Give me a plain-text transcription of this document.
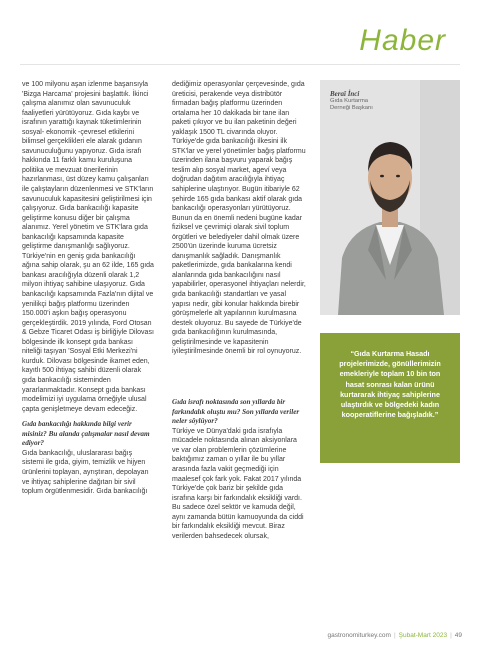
Haber

ve 100 milyonu aşan izlenme başarısıyla 'Bizga Harcama' projesini başlattık. İkinci çalışma alanımız olan savunuculuk faaliyetleri yürütüyoruz. Gıda kaybı ve israfının yarattığı kaynak tüketimlerinin sosyal- ekonomik -çevresel etkilerini bilimsel gerçeklikleri ele alarak gıdanın savunuculuğunu yapıyoruz. Gıda israfı hakkında 11 farklı kamu kuruluşuna politika ve mevzuat önerilerinin hazırlanması, üst düzey kamu çalışanları ile çalıştayların düzenlenmesi ve STK'ların savunuculuk kapasitesini geliştirilmesi için çalışıyoruz. Gıda bankacılığı kapasite geliştirme konusu diğer bir çalışma alanımız. Yerel yönetim ve STK'lara gıda bankacılığı kapsamında kapasite geliştirme danışmanlığı sağlıyoruz. Türkiye'nin en geniş gıda bankacılığı ağına sahip olarak, şu an 62 ilde, 165 gıda bankası aracılığıyla düzenli olarak 1,2 milyon ihtiyaç sahibine ulaşıyoruz. Gıda bankacılığı kapsamında Fazla'nın dijital ve yenilikçi bağış platformu üzerinden 150.000'i aşkın bağış operasyonu gerçekleştirdik. 2019 yılında, Ford Otosan & Gebze Ticaret Odası iş birliğiyle Dilovası bölgesinde ilk konsept gıda bankası niteliği taşıyan 'Sosyal Etki Merkezi'ni kurduk. Dilovası bölgesinde ikamet eden, kayıtlı 500 ihtiyaç sahibi düzenli olarak gıda bankacılığı sisteminden yararlanmaktadır. Konsept gıda bankası modelimizi iyi uygulama örneğiyle ulusal çapta genişletmeye devam edeceğiz.

Gıda bankacılığı hakkında bilgi verir misiniz? Bu alanda çalışmalar nasıl devam ediyor?

Gıda bankacılığı, uluslararası bağış sistemi ile gıda, giyim, temizlik ve hijyen ürünlerini toplayan, ayrıştıran, depolayan ve ihtiyaç sahiplerine dağıtan bir sivil toplum örgütlenmesidir. Gıda bankacılığı

dediğimiz operasyonlar çerçevesinde, gıda üreticisi, perakende veya distribütör firmadan bağış platformu üzerinden ortalama her 10 dakikada bir tane ilan paketi çıkıyor ve bu ilan paketinin değeri yaklaşık 1500 TL civarında oluyor. Türkiye'de gıda bankacılığı ilkesini ilk STK'lar ve yerel yönetimler bağış platformu üzerinden ilana başvuru yaparak bağış teslim alıp sosyal market, ageví veya doğrudan dağıtım aracılığıyla ihtiyaç sahiplerine ulaştırıyor. Bugün itibariyle 62 şehirde 165 gıda bankası aktif olarak gıda bankacılığı operasyonları yürütüyoruz. Bunun da en önemli nedeni bugüne kadar fiziksel ve çevrimiçi olarak sivil toplum örgütleri ve belediyeler dahil olmak üzere 2500'ün üzerinde kuruma ücretsiz danışmanlık sağladık. Danışmanlık paketlerimizde, gıda bankalarına kendi alanlarında gıda bankacılığını nasıl yapabilirler, operasyonel ihtiyaçları nelerdir, gıda bankacılığı standartları ve yasal yapısı nedir, gibi konular hakkında birebir görüşmelerle alt yapılarının kurulmasına destek oluyoruz. Bu sayede de Türkiye'de gıda bankacılığının kurulmasında, geliştirilmesinde ve kapasitenin iyileştirilmesinde önemli bir rol oynuyoruz.

Gıda israfı noktasında son yıllarda bir farkındalık oluştu mu? Son yıllarda veriler neler söylüyor?

Türkiye ve Dünya'daki gıda israfıyla mücadele noktasında alınan aksiyonlara ve var olan problemlerin çözümlerine baktığımız zaman o yıllar ile bu yıllar arasında fazla vakit geçmediği için maalesef çok fark yok. Fakat 2017 yılında Türkiye'de çok bariz bir şekilde gıda israfına karşı bir farkındalık eksikliği vardı. Bu sadece özel sektör ve kamuda değil, aynı zamanda bütün kamuoyunda da ciddi bir farkındalık eksikliği mevcut. Biraz verilerden bahsedecek olursak,

Beraî İnci
Gıda Kurtarma Derneği Başkanı

“Gıda Kurtarma Hasadı projelerimizde, gönüllerimizin emekleriyle toplam 10 bin ton hasat sonrası kalan ürünü kurtararak ihtiyaç sahiplerine ulaştırdık ve bölgedeki kadın kooperatiflerine bağışladık.”

gastronomiturkey.com | Şubat-Mart 2023 | 49
